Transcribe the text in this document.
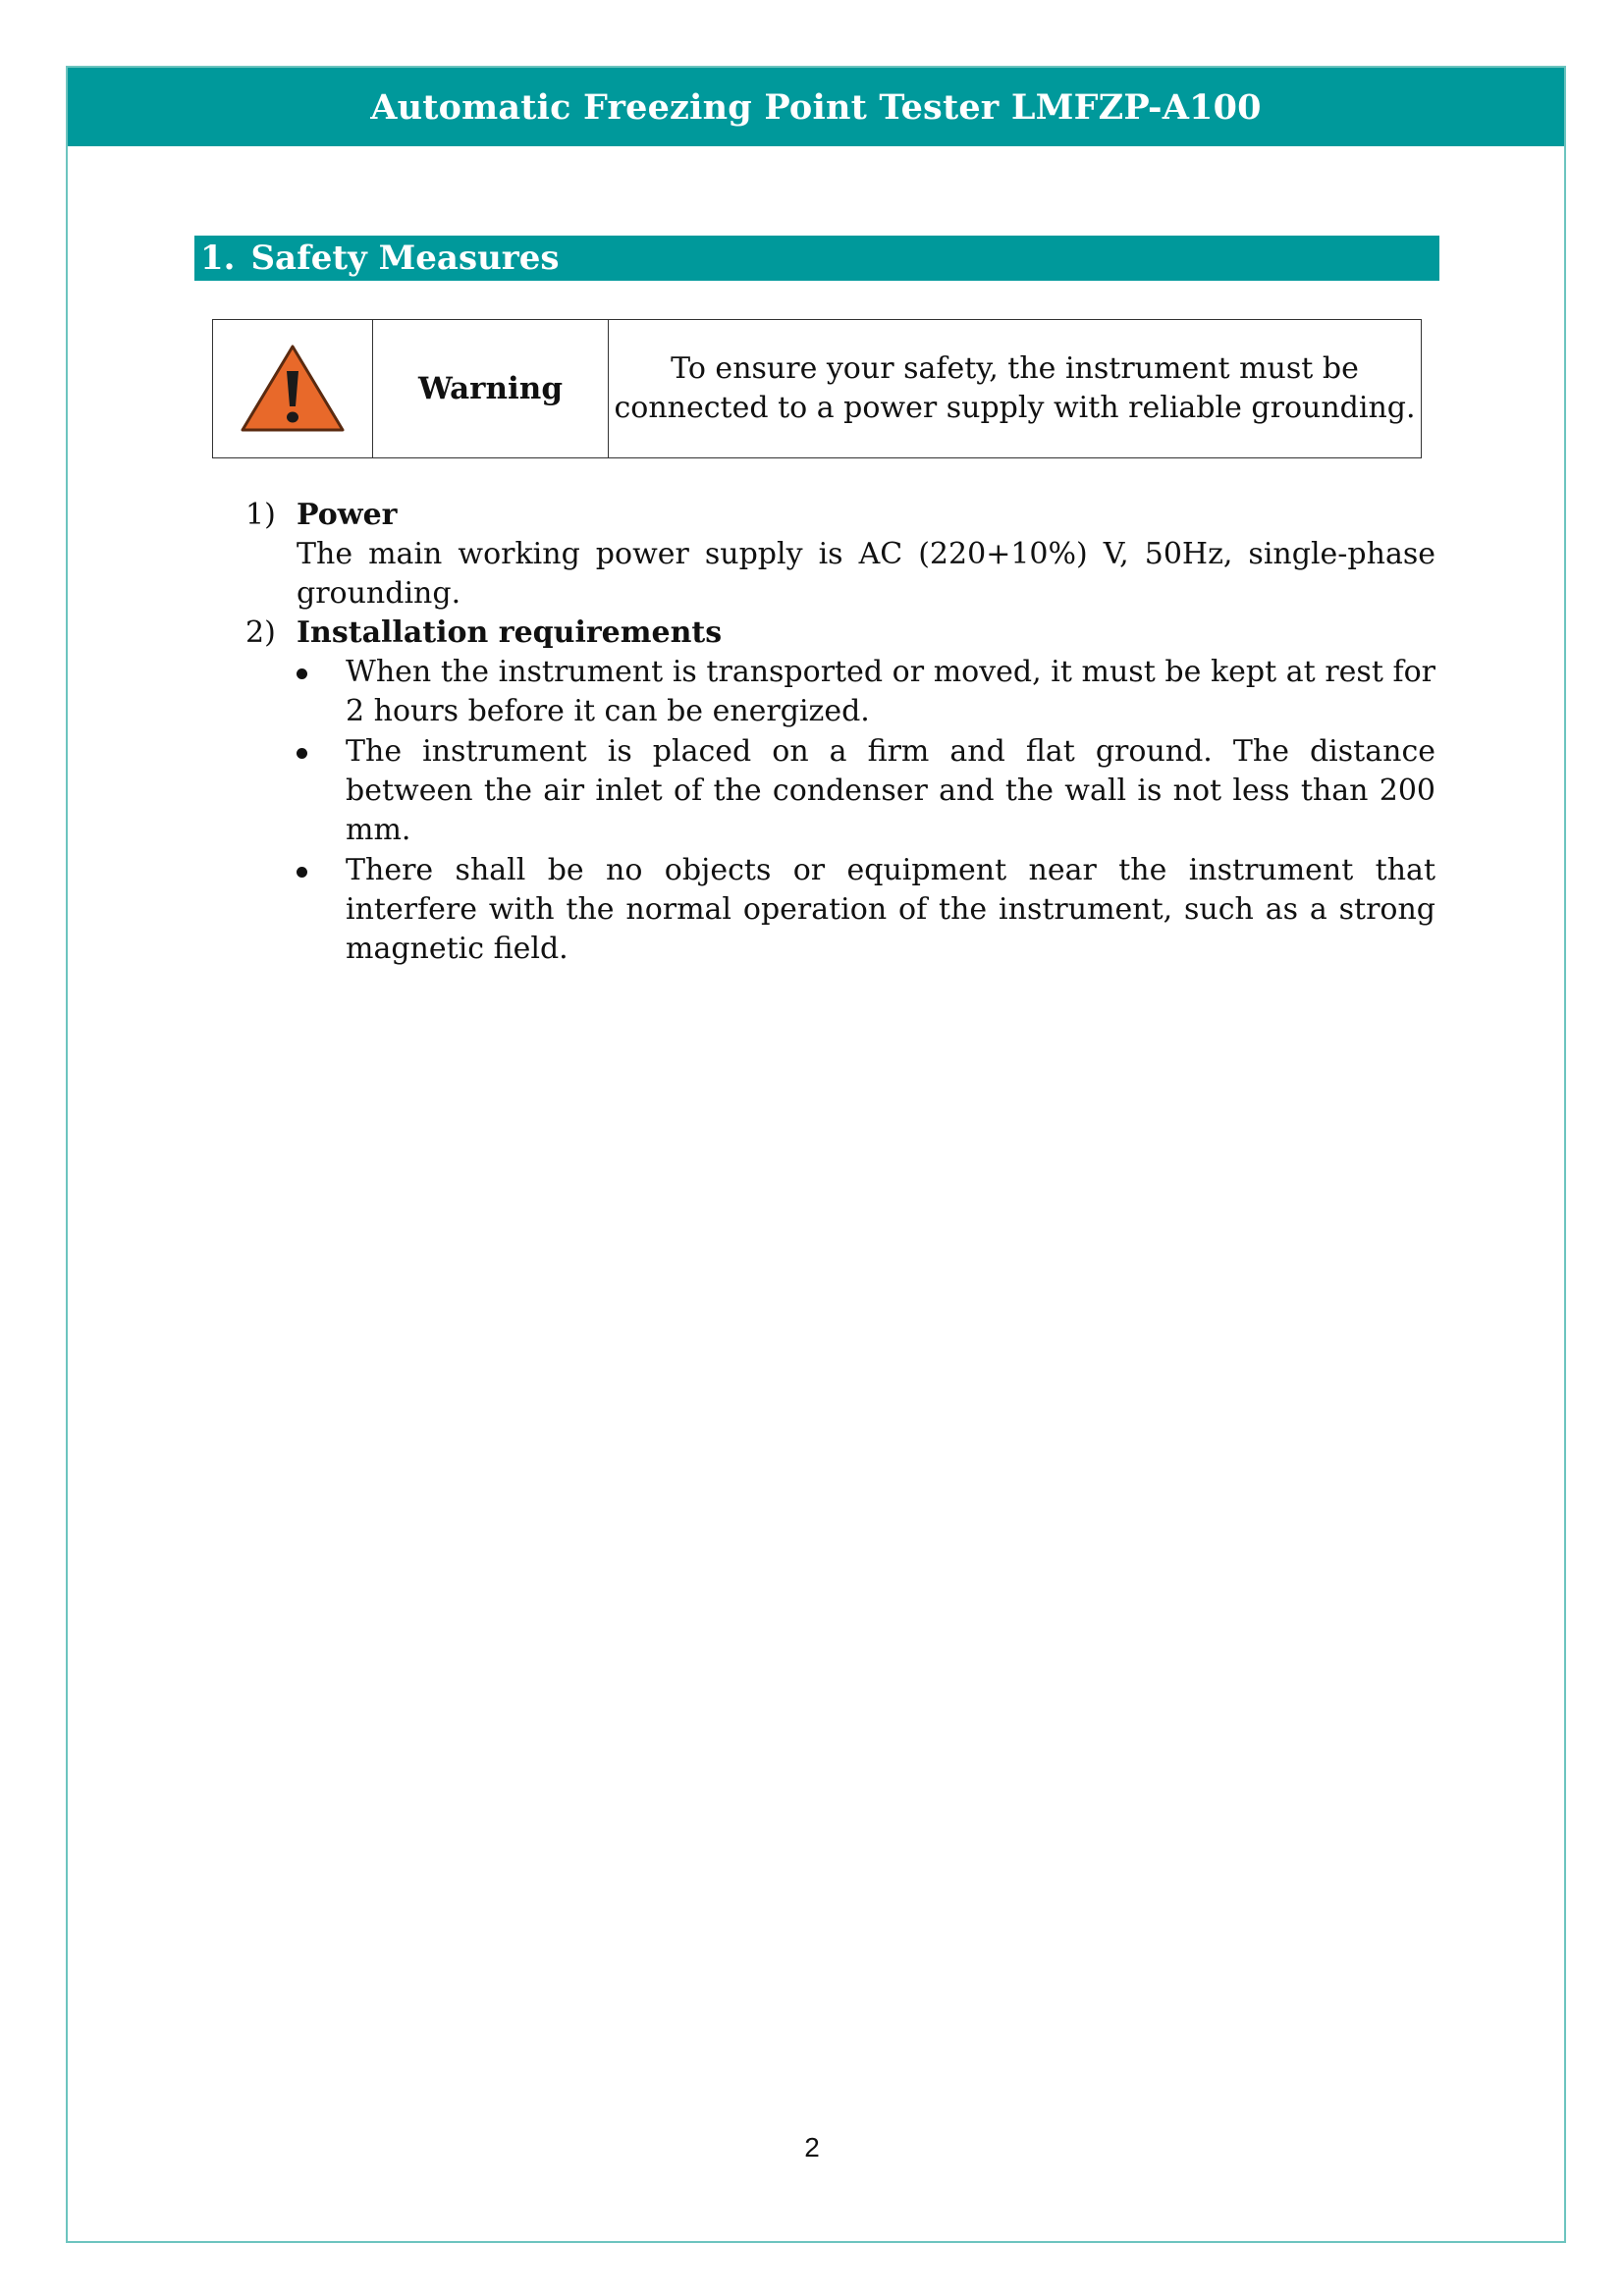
Automatic Freezing Point Tester LMFZP-A100
1. Safety Measures
Warning
To ensure your safety, the instrument must be
connected to a power supply with reliable grounding.
1) Power
The main working power supply is AC (220+10%) V, 50Hz, single-phase grounding.
2) Installation requirements
When the instrument is transported or moved, it must be kept at rest for 2 hours before it can be energized.
The instrument is placed on a firm and flat ground. The distance between the air inlet of the condenser and the wall is not less than 200 mm.
There shall be no objects or equipment near the instrument that interfere with the normal operation of the instrument, such as a strong magnetic field.
2
